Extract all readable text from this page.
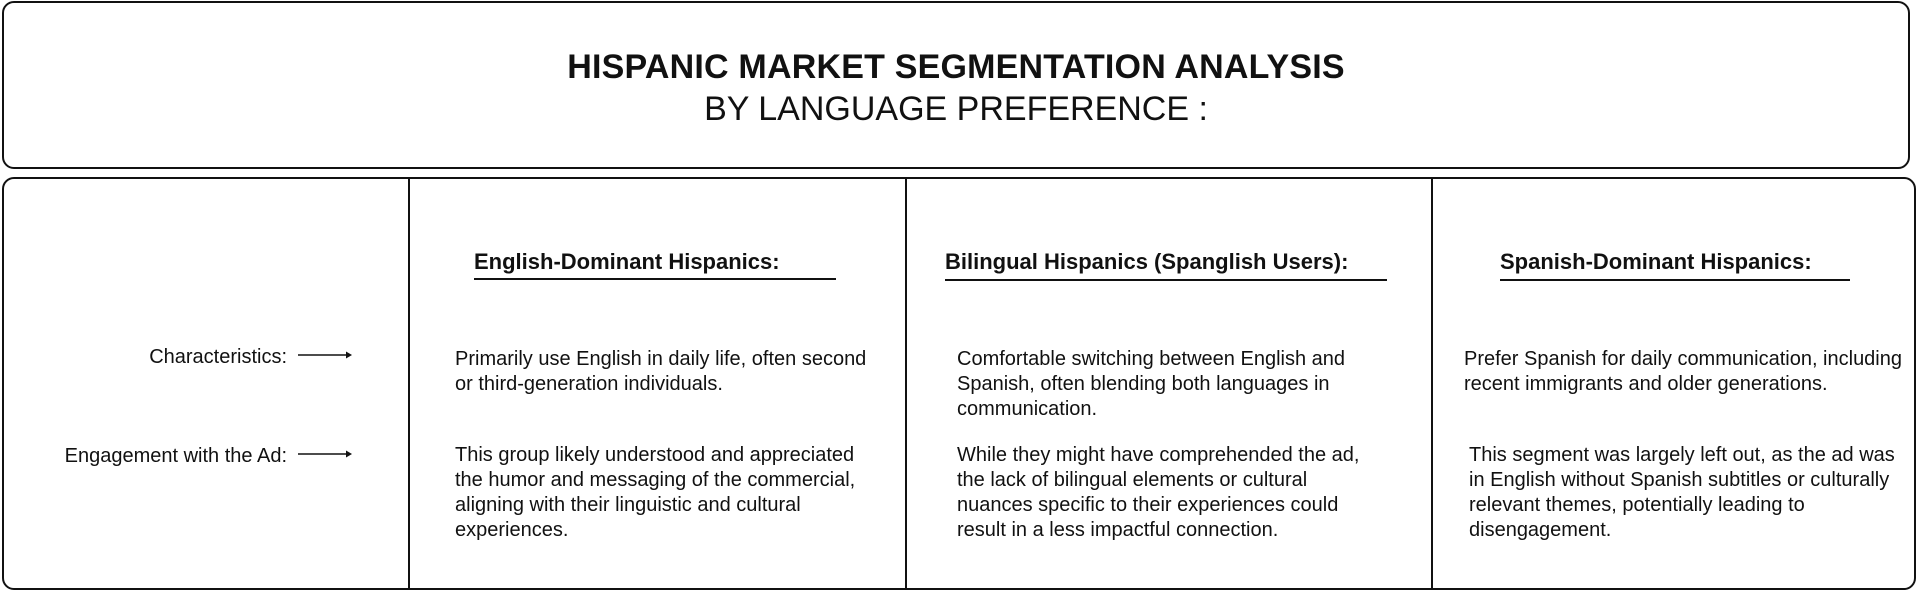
HISPANIC MARKET SEGMENTATION ANALYSIS
BY LANGUAGE PREFERENCE :
English-Dominant Hispanics:	Bilingual Hispanics (Spanglish Users):	Spanish-Dominant Hispanics:
Characteristics:
Engagement with the Ad:
Primarily use English in daily life, often second or third-generation individuals.
Comfortable switching between English and Spanish, often blending both languages in communication.
Prefer Spanish for daily communication, including recent immigrants and older generations.
This group likely understood and appreciated the humor and messaging of the commercial, aligning with their linguistic and cultural experiences.
While they might have comprehended the ad, the lack of bilingual elements or cultural nuances specific to their experiences could result in a less impactful connection.
This segment was largely left out, as the ad was in English without Spanish subtitles or culturally relevant themes, potentially leading to disengagement.
